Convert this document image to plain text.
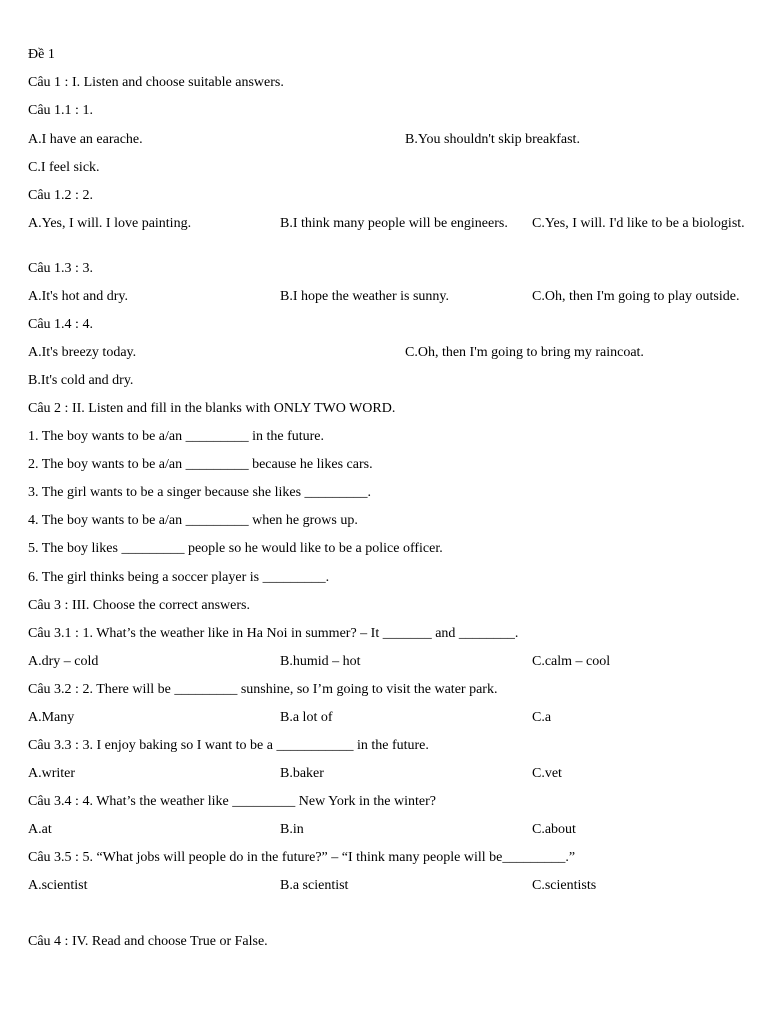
Đề 1
Câu 1 : I. Listen and choose suitable answers.
Câu 1.1 : 1.
A.I have an earache.	B.You shouldn't skip breakfast.
C.I feel sick.
Câu 1.2 : 2.
A.Yes, I will. I love painting.	B.I think many people will be engineers. C.Yes, I will. I'd like to be a biologist.
Câu 1.3 : 3.
A.It's hot and dry.	B.I hope the weather is sunny.	C.Oh, then I'm going to play outside.
Câu 1.4 : 4.
A.It's breezy today.	C.Oh, then I'm going to bring my raincoat.
B.It's cold and dry.
Câu 2 : II. Listen and fill in the blanks with ONLY TWO WORD.
1. The boy wants to be a/an _________ in the future.
2. The boy wants to be a/an _________ because he likes cars.
3. The girl wants to be a singer because she likes _________.
4. The boy wants to be a/an _________ when he grows up.
5. The boy likes _________ people so he would like to be a police officer.
6. The girl thinks being a soccer player is _________.
Câu 3 : III. Choose the correct answers.
Câu 3.1 : 1. What’s the weather like in Ha Noi in summer? – It _______ and ________.
A.dry – cold	B.humid – hot	C.calm – cool
Câu 3.2 : 2. There will be _________ sunshine, so I’m going to visit the water park.
A.Many	B.a lot of	C.a
Câu 3.3 : 3. I enjoy baking so I want to be a ___________ in the future.
A.writer	B.baker	C.vet
Câu 3.4 : 4. What’s the weather like _________ New York in the winter?
A.at	B.in	C.about
Câu 3.5 : 5. “What jobs will people do in the future?” – “I think many people will be_________.”
A.scientist	B.a scientist	C.scientists
Câu 4 : IV. Read and choose True or False.
